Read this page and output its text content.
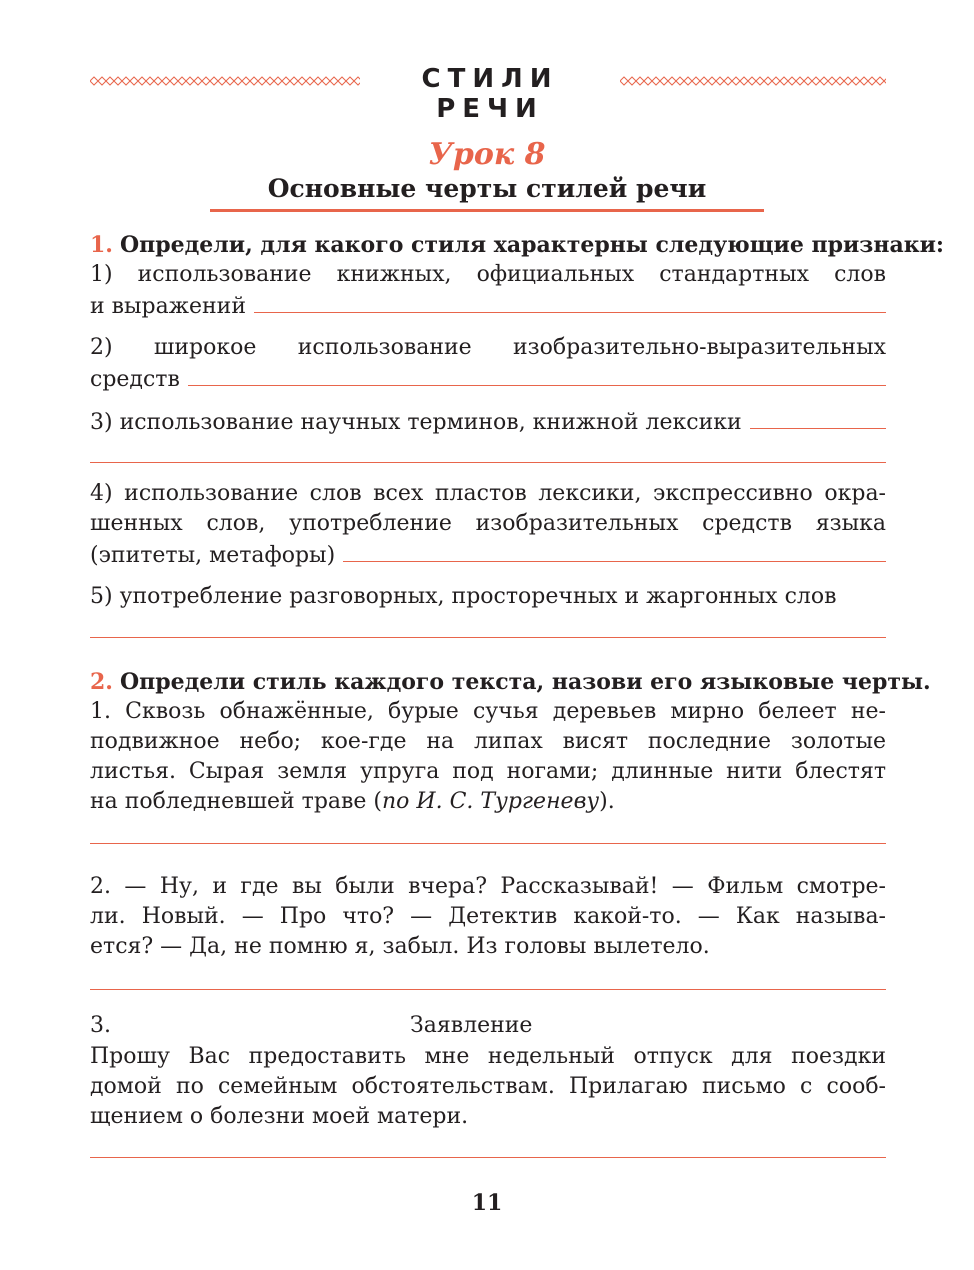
СТИЛИ РЕЧИ
Урок 8
Основные черты стилей речи
1. Определи, для какого стиля характерны следующие признаки:
1) использование книжных, официальных стандартных слов
и выражений
2) широкое использование изобразительно-выразительных
средств
3) использование научных терминов, книжной лексики
4) использование слов всех пластов лексики, экспрессивно окра-
шенных слов, употребление изобразительных средств языка
(эпитеты, метафоры)
5) употребление разговорных, просторечных и жаргонных слов
2. Определи стиль каждого текста, назови его языковые черты.
1. Сквозь обнажённые, бурые сучья деревьев мирно белеет не-
подвижное небо; кое-где на липах висят последние золотые
листья. Сырая земля упруга под ногами; длинные нити блестят
на побледневшей траве (по И. С. Тургеневу).
2. — Ну, и где вы были вчера? Рассказывай! — Фильм смотре-
ли. Новый. — Про что? — Детектив какой-то. — Как называ-
ется? — Да, не помню я, забыл. Из головы вылетело.
3.	Заявление
Прошу Вас предоставить мне недельный отпуск для поездки
домой по семейным обстоятельствам. Прилагаю письмо с сооб-
щением о болезни моей матери.
11
